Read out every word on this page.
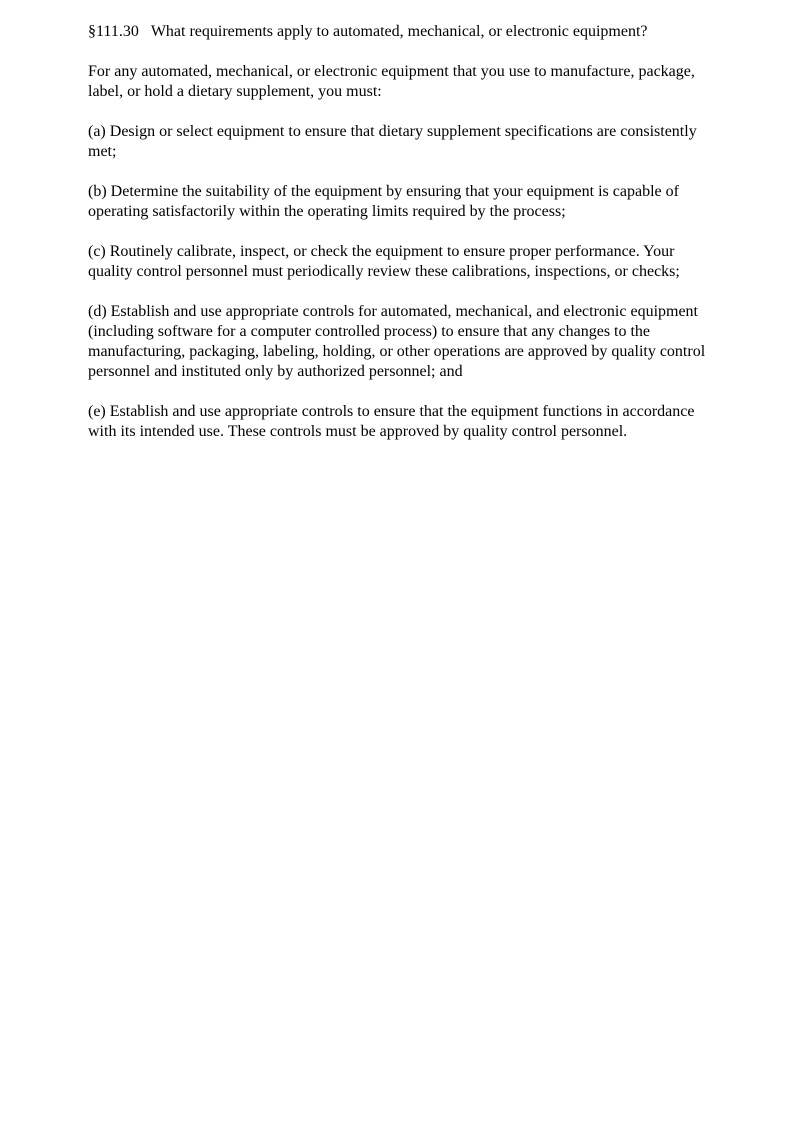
§111.30 What requirements apply to automated, mechanical, or electronic equipment?

For any automated, mechanical, or electronic equipment that you use to manufacture, package, label, or hold a dietary supplement, you must:

(a) Design or select equipment to ensure that dietary supplement specifications are consistently met;

(b) Determine the suitability of the equipment by ensuring that your equipment is capable of operating satisfactorily within the operating limits required by the process;

(c) Routinely calibrate, inspect, or check the equipment to ensure proper performance. Your quality control personnel must periodically review these calibrations, inspections, or checks;

(d) Establish and use appropriate controls for automated, mechanical, and electronic equipment (including software for a computer controlled process) to ensure that any changes to the manufacturing, packaging, labeling, holding, or other operations are approved by quality control personnel and instituted only by authorized personnel; and

(e) Establish and use appropriate controls to ensure that the equipment functions in accordance with its intended use. These controls must be approved by quality control personnel.
